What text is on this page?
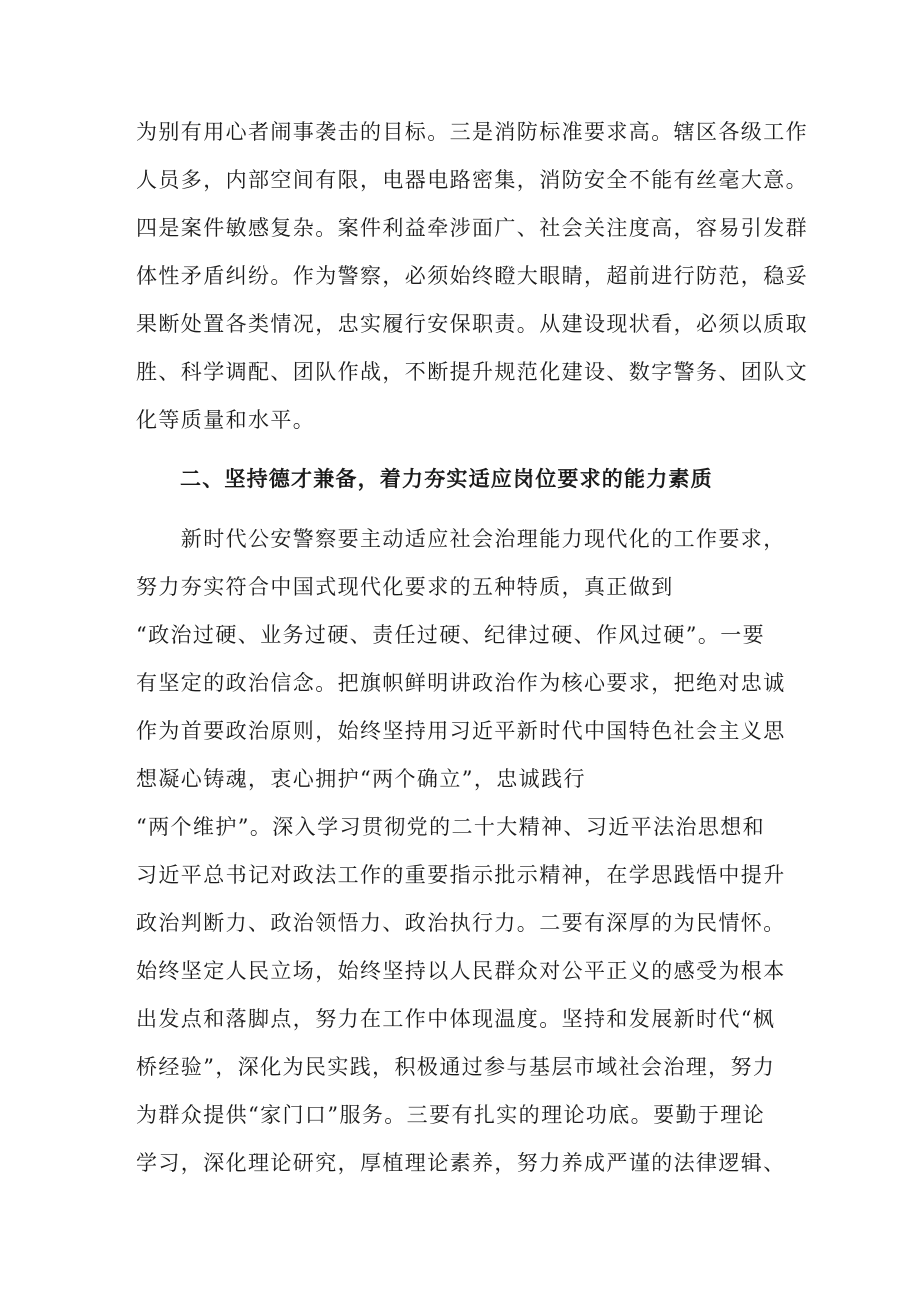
为别有用心者闹事袭击的目标。三是消防标准要求高。辖区各级工作
人员多，内部空间有限，电器电路密集，消防安全不能有丝毫大意。
四是案件敏感复杂。案件利益牵涉面广、社会关注度高，容易引发群
体性矛盾纠纷。作为警察，必须始终瞪大眼睛，超前进行防范，稳妥
果断处置各类情况，忠实履行安保职责。从建设现状看，必须以质取
胜、科学调配、团队作战，不断提升规范化建设、数字警务、团队文
化等质量和水平。
二、坚持德才兼备，着力夯实适应岗位要求的能力素质
　　新时代公安警察要主动适应社会治理能力现代化的工作要求，
努力夯实符合中国式现代化要求的五种特质，真正做到
“政治过硬、业务过硬、责任过硬、纪律过硬、作风过硬”。一要
有坚定的政治信念。把旗帜鲜明讲政治作为核心要求，把绝对忠诚
作为首要政治原则，始终坚持用习近平新时代中国特色社会主义思
想凝心铸魂，衷心拥护“两个确立”，忠诚践行
“两个维护”。深入学习贯彻党的二十大精神、习近平法治思想和
习近平总书记对政法工作的重要指示批示精神，在学思践悟中提升
政治判断力、政治领悟力、政治执行力。二要有深厚的为民情怀。
始终坚定人民立场，始终坚持以人民群众对公平正义的感受为根本
出发点和落脚点，努力在工作中体现温度。坚持和发展新时代“枫
桥经验”，深化为民实践，积极通过参与基层市域社会治理，努力
为群众提供“家门口”服务。三要有扎实的理论功底。要勤于理论
学习，深化理论研究，厚植理论素养，努力养成严谨的法律逻辑、
